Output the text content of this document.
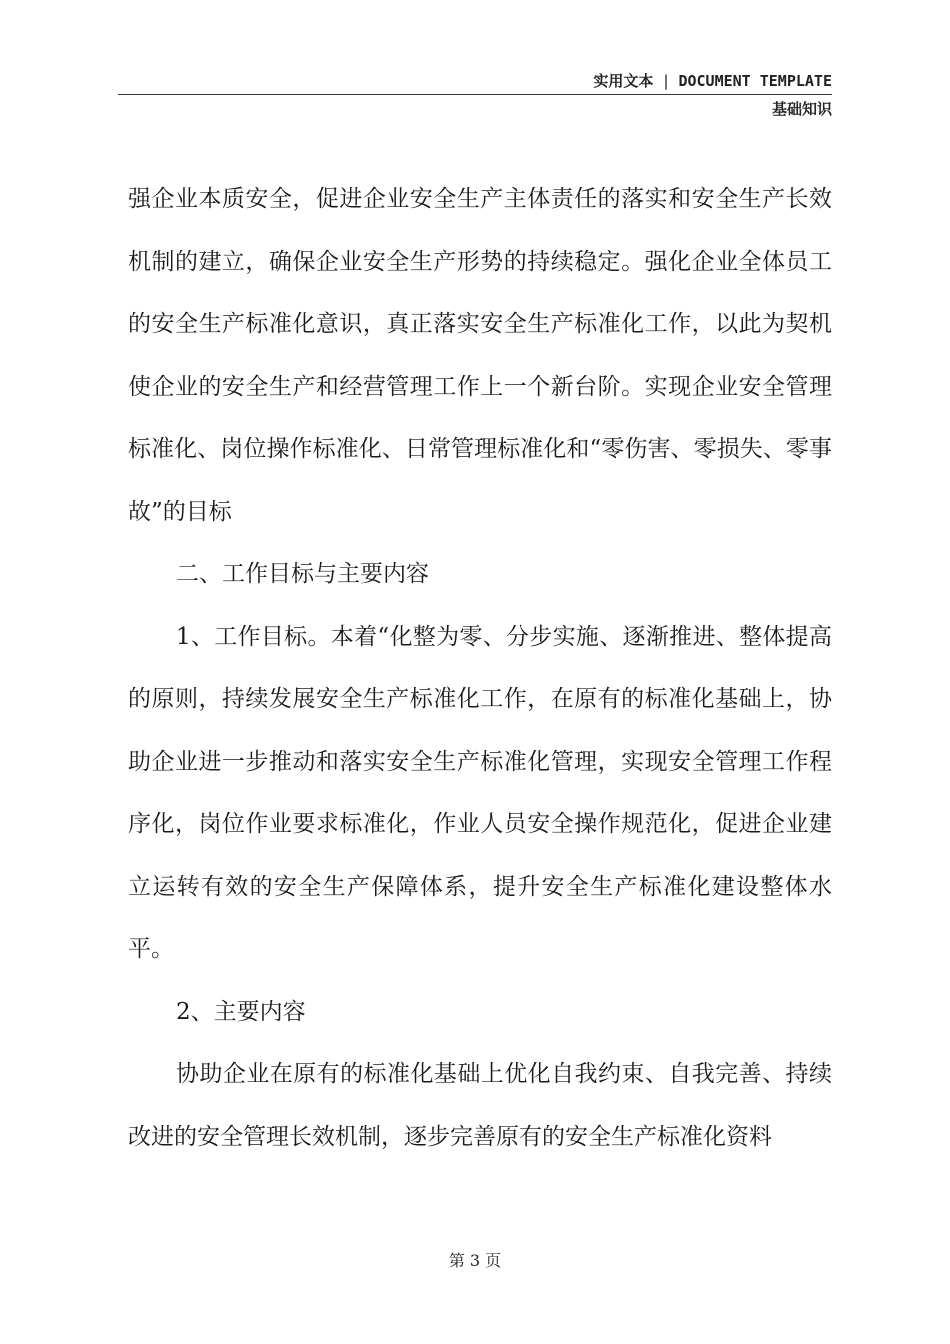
实用文本 | DOCUMENT TEMPLATE
基础知识

强企业本质安全，促进企业安全生产主体责任的落实和安全生产长效机制的建立，确保企业安全生产形势的持续稳定。强化企业全体员工的安全生产标准化意识，真正落实安全生产标准化工作，以此为契机使企业的安全生产和经营管理工作上一个新台阶。实现企业安全管理标准化、岗位操作标准化、日常管理标准化和“零伤害、零损失、零事故”的目标

二、工作目标与主要内容

1、工作目标。本着“化整为零、分步实施、逐渐推进、整体提高的原则，持续发展安全生产标准化工作，在原有的标准化基础上，协助企业进一步推动和落实安全生产标准化管理，实现安全管理工作程序化，岗位作业要求标准化，作业人员安全操作规范化，促进企业建立运转有效的安全生产保障体系，提升安全生产标准化建设整体水平。

2、主要内容

协助企业在原有的标准化基础上优化自我约束、自我完善、持续改进的安全管理长效机制，逐步完善原有的安全生产标准化资料

第 3 页
